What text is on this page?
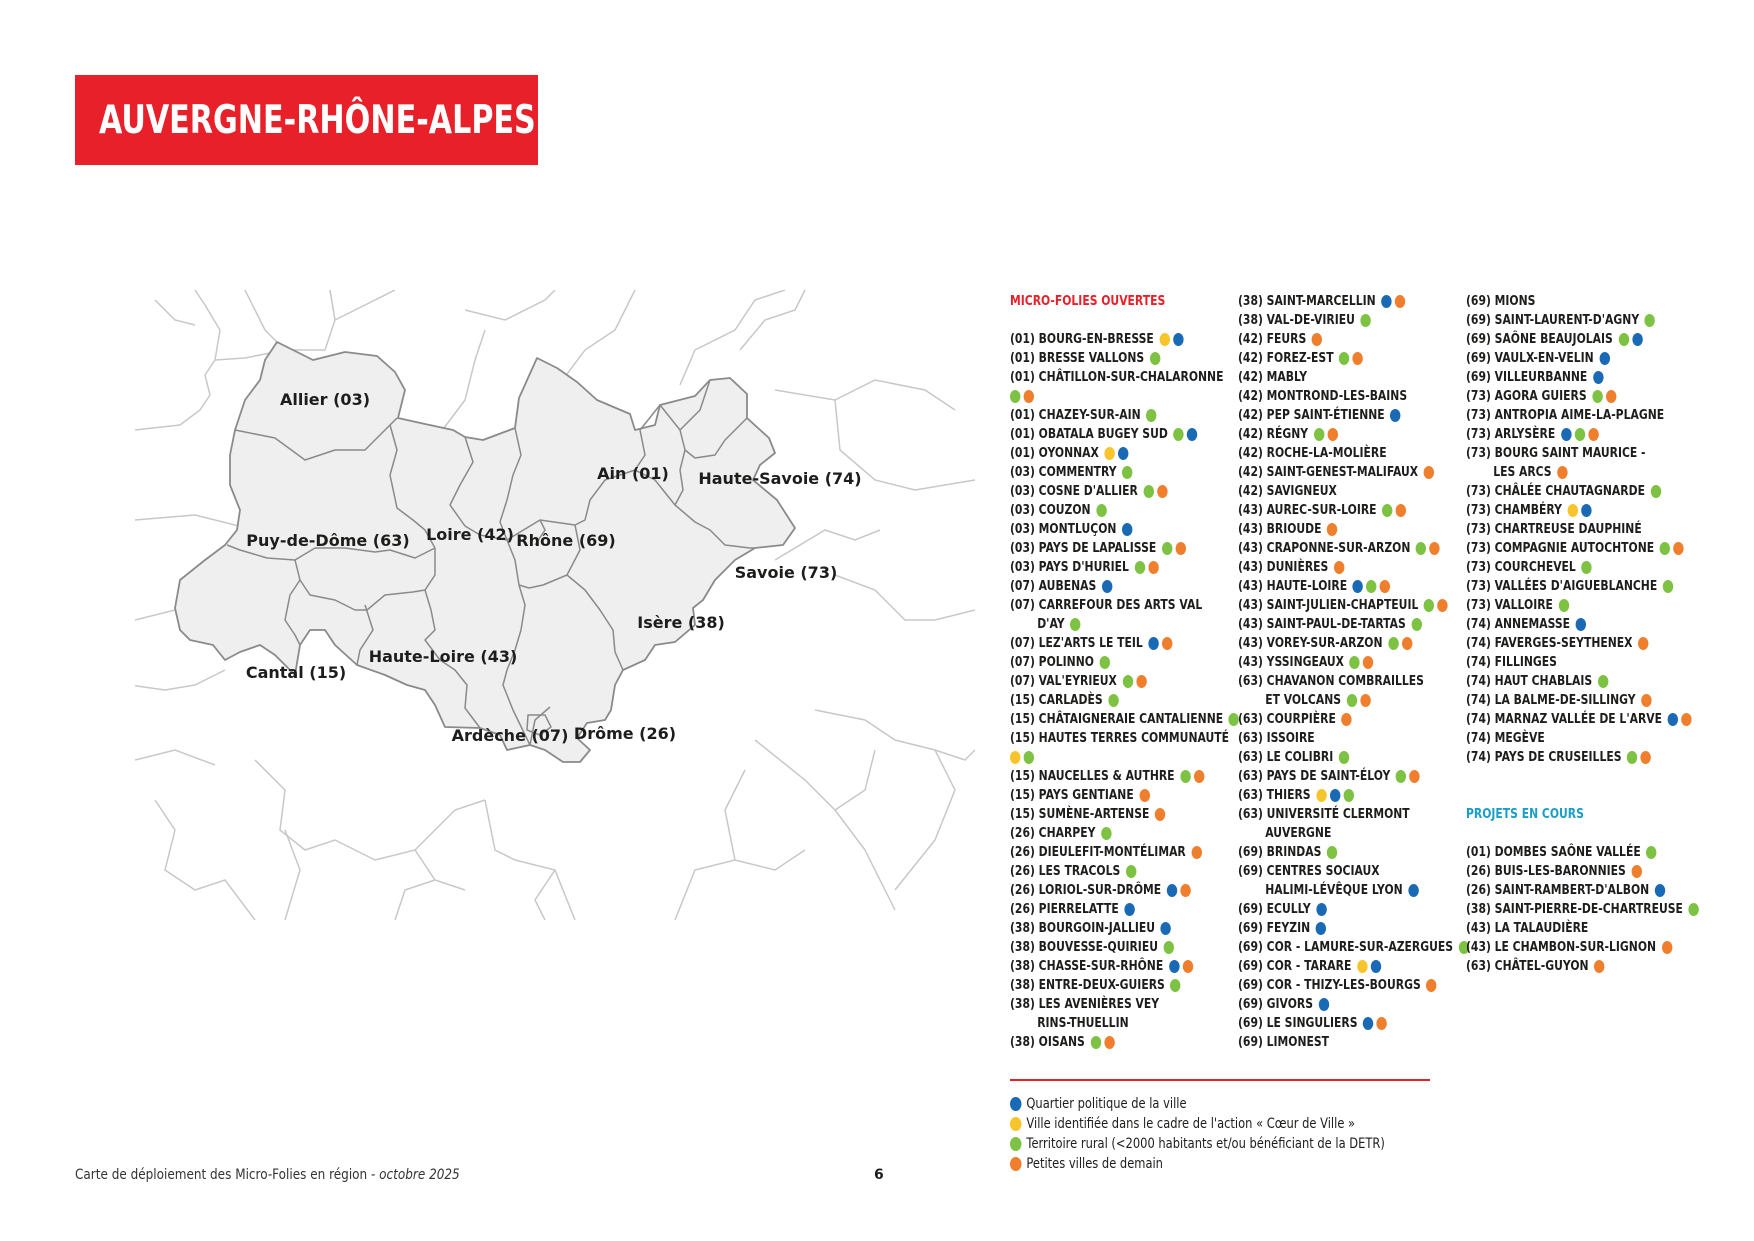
AUVERGNE-RHÔNE-ALPES
Allier (03)
Puy-de-Dôme (63) Loire (42) Rhône (69)
Ain (01) Haute-Savoie (74)
Savoie (73)
Isère (38)
Cantal (15)
Haute-Loire (43)
Ardèche (07) Drôme (26)
MICRO-FOLIES OUVERTES
(01) BOURG-EN-BRESSE
(01) BRESSE VALLONS
(01) CHÂTILLON-SUR-CHALARONNE
(01) CHAZEY-SUR-AIN
(01) OBATALA BUGEY SUD
(01) OYONNAX
(03) COMMENTRY
(03) COSNE D'ALLIER
(03) COUZON
(03) MONTLUÇON
(03) PAYS DE LAPALISSE
(03) PAYS D'HURIEL
(07) AUBENAS
(07) CARREFOUR DES ARTS VAL
D'AY
(07) LEZ'ARTS LE TEIL
(07) POLINNO
(07) VAL'EYRIEUX
(15) CARLADÈS
(15) CHÂTAIGNERAIE CANTALIENNE
(15) HAUTES TERRES COMMUNAUTÉ
(15) NAUCELLES & AUTHRE
(15) PAYS GENTIANE
(15) SUMÈNE-ARTENSE
(26) CHARPEY
(26) DIEULEFIT-MONTÉLIMAR
(26) LES TRACOLS
(26) LORIOL-SUR-DRÔME
(26) PIERRELATTE
(38) BOURGOIN-JALLIEU
(38) BOUVESSE-QUIRIEU
(38) CHASSE-SUR-RHÔNE
(38) ENTRE-DEUX-GUIERS
(38) LES AVENIÈRES VEY
RINS-THUELLIN
(38) OISANS
(38) SAINT-MARCELLIN
(38) VAL-DE-VIRIEU
(42) FEURS
(42) FOREZ-EST
(42) MABLY
(42) MONTROND-LES-BAINS
(42) PEP SAINT-ÉTIENNE
(42) RÉGNY
(42) ROCHE-LA-MOLIÈRE
(42) SAINT-GENEST-MALIFAUX
(42) SAVIGNEUX
(43) AUREC-SUR-LOIRE
(43) BRIOUDE
(43) CRAPONNE-SUR-ARZON
(43) DUNIÈRES
(43) HAUTE-LOIRE
(43) SAINT-JULIEN-CHAPTEUIL
(43) SAINT-PAUL-DE-TARTAS
(43) VOREY-SUR-ARZON
(43) YSSINGEAUX
(63) CHAVANON COMBRAILLES
ET VOLCANS
(63) COURPIÈRE
(63) ISSOIRE
(63) LE COLIBRI
(63) PAYS DE SAINT-ÉLOY
(63) THIERS
(63) UNIVERSITÉ CLERMONT
AUVERGNE
(69) BRINDAS
(69) CENTRES SOCIAUX
HALIMI-LÉVÊQUE LYON
(69) ECULLY
(69) FEYZIN
(69) COR - LAMURE-SUR-AZERGUES
(69) COR - TARARE
(69) COR - THIZY-LES-BOURGS
(69) GIVORS
(69) LE SINGULIERS
(69) LIMONEST
(69) MIONS
(69) SAINT-LAURENT-D'AGNY
(69) SAÔNE BEAUJOLAIS
(69) VAULX-EN-VELIN
(69) VILLEURBANNE
(73) AGORA GUIERS
(73) ANTROPIA AIME-LA-PLAGNE
(73) ARLYSÈRE
(73) BOURG SAINT MAURICE -
LES ARCS
(73) CHÂLÉE CHAUTAGNARDE
(73) CHAMBÉRY
(73) CHARTREUSE DAUPHINÉ
(73) COMPAGNIE AUTOCHTONE
(73) COURCHEVEL
(73) VALLÉES D'AIGUEBLANCHE
(73) VALLOIRE
(74) ANNEMASSE
(74) FAVERGES-SEYTHENEX
(74) FILLINGES
(74) HAUT CHABLAIS
(74) LA BALME-DE-SILLINGY
(74) MARNAZ VALLÉE DE L'ARVE
(74) MEGÈVE
(74) PAYS DE CRUSEILLES
PROJETS EN COURS
(01) DOMBES SAÔNE VALLÉE
(26) BUIS-LES-BARONNIES
(26) SAINT-RAMBERT-D'ALBON
(38) SAINT-PIERRE-DE-CHARTREUSE
(43) LA TALAUDIÈRE
(43) LE CHAMBON-SUR-LIGNON
(63) CHÂTEL-GUYON
Quartier politique de la ville
Ville identifiée dans le cadre de l'action « Cœur de Ville »
Territoire rural (<2000 habitants et/ou bénéficiant de la DETR)
Petites villes de demain
Carte de déploiement des Micro-Folies en région - octobre 2025	6
